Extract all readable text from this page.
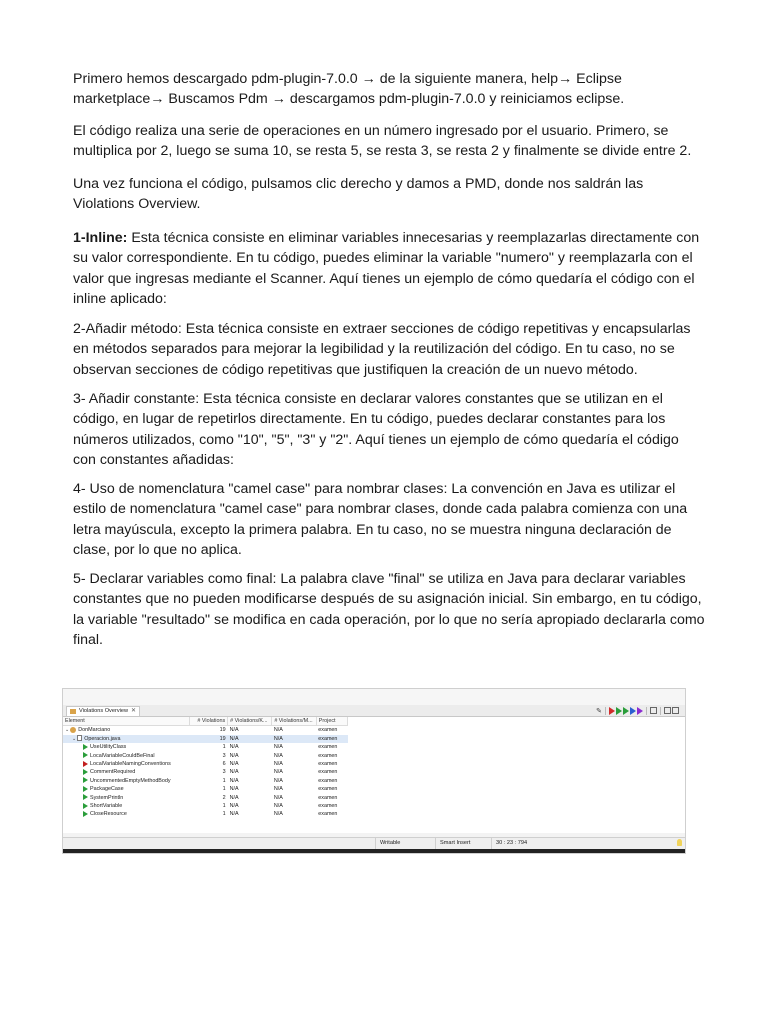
Primero hemos descargado pdm-plugin-7.0.0 → de la siguiente manera, help→ Eclipse marketplace→ Buscamos Pdm → descargamos pdm-plugin-7.0.0 y reiniciamos eclipse.

El código realiza una serie de operaciones en un número ingresado por el usuario. Primero, se multiplica por 2, luego se suma 10, se resta 5, se resta 3, se resta 2 y finalmente se divide entre 2.

Una vez funciona el código, pulsamos clic derecho y damos a PMD, donde nos saldrán las Violations Overview.

1-Inline: Esta técnica consiste en eliminar variables innecesarias y reemplazarlas directamente con su valor correspondiente. En tu código, puedes eliminar la variable "numero" y reemplazarla con el valor que ingresas mediante el Scanner. Aquí tienes un ejemplo de cómo quedaría el código con el inline aplicado:

2-Añadir método: Esta técnica consiste en extraer secciones de código repetitivas y encapsularlas en métodos separados para mejorar la legibilidad y la reutilización del código. En tu caso, no se observan secciones de código repetitivas que justifiquen la creación de un nuevo método.

3- Añadir constante: Esta técnica consiste en declarar valores constantes que se utilizan en el código, en lugar de repetirlos directamente. En tu código, puedes declarar constantes para los números utilizados, como "10", "5", "3" y "2". Aquí tienes un ejemplo de cómo quedaría el código con constantes añadidas:

4- Uso de nomenclatura "camel case" para nombrar clases: La convención en Java es utilizar el estilo de nomenclatura "camel case" para nombrar clases, donde cada palabra comienza con una letra mayúscula, excepto la primera palabra. En tu caso, no se muestra ninguna declaración de clase, por lo que no aplica.

5- Declarar variables como final: La palabra clave "final" se utiliza en Java para declarar variables constantes que no pueden modificarse después de su asignación inicial. Sin embargo, en tu código, la variable "resultado" se modifica en cada operación, por lo que no sería apropiado declararla como final.

Violations Overview ✕	✎
Element	# Violations	# Violations/K...	# Violations/M...	Project
⌄ DonMarciano	19	N/A	N/A	examen
⌄ Operacion.java	19	N/A	N/A	examen
UseUtilityClass	1	N/A	N/A	examen
LocalVariableCouldBeFinal	3	N/A	N/A	examen
LocalVariableNamingConventions	6	N/A	N/A	examen
CommentRequired	3	N/A	N/A	examen
UncommentedEmptyMethodBody	1	N/A	N/A	examen
PackageCase	1	N/A	N/A	examen
SystemPrintln	2	N/A	N/A	examen
ShortVariable	1	N/A	N/A	examen
CloseResource	1	N/A	N/A	examen
Writable	Smart Insert	30 : 23 : 794
